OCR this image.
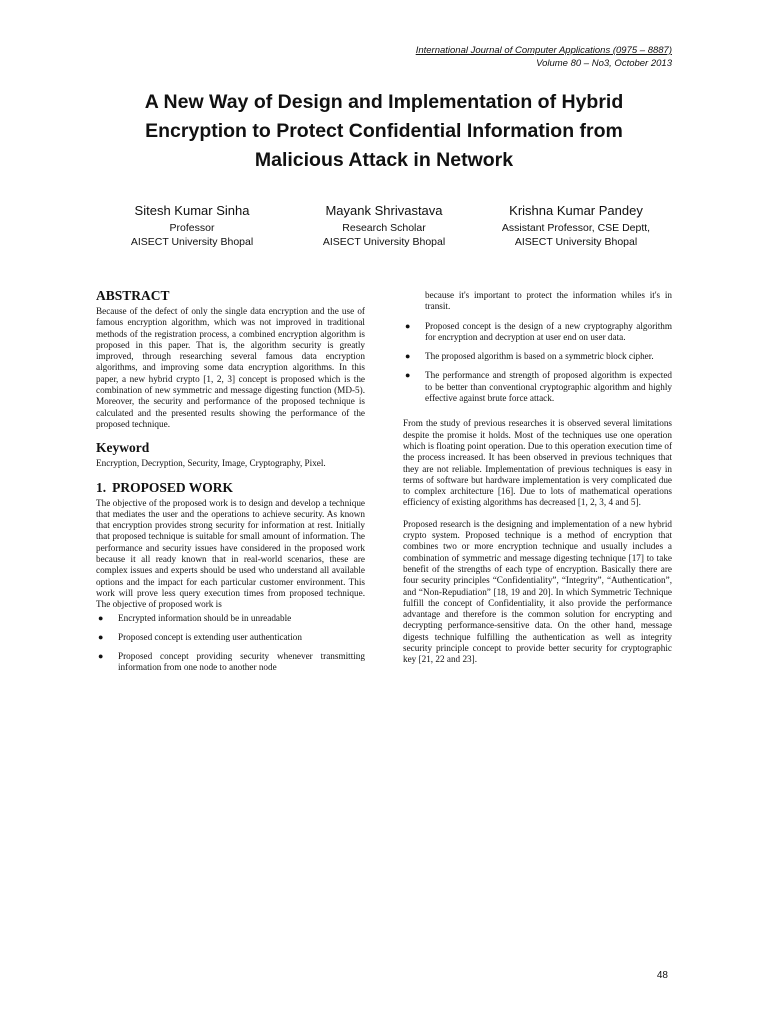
International Journal of Computer Applications (0975 – 8887)
Volume 80 – No3, October 2013
A New Way of Design and Implementation of Hybrid
Encryption to Protect Confidential Information from
Malicious Attack in Network
Sitesh Kumar Sinha
Professor
AISECT University Bhopal
Mayank Shrivastava
Research Scholar
AISECT University Bhopal
Krishna Kumar Pandey
Assistant Professor, CSE Deptt,
AISECT University Bhopal
ABSTRACT

Because of the defect of only the single data encryption and the use of famous encryption algorithm, which was not improved in traditional methods of the registration process, a combined encryption algorithm is proposed in this paper. That is, the algorithm security is greatly improved, through researching several famous data encryption algorithms, and improving some data encryption algorithms. In this paper, a new hybrid crypto [1, 2, 3] concept is proposed which is the combination of new symmetric and message digesting function (MD-5). Moreover, the security and performance of the proposed technique is calculated and the presented results showing the performance of the proposed technique.

Keyword

Encryption, Decryption, Security, Image, Cryptography, Pixel.

1. PROPOSED WORK

The objective of the proposed work is to design and develop a technique that mediates the user and the operations to achieve security. As known that encryption provides strong security for information at rest. Initially that proposed technique is suitable for small amount of information. The performance and security issues have considered in the proposed work because it all ready known that in real-world scenarios, these are complex issues and experts should be used who understand all available options and the impact for each particular customer environment. This work will prove less query execution times from proposed technique. The objective of proposed work is

● Encrypted information should be in unreadable
● Proposed concept is extending user authentication
● Proposed concept providing security whenever transmitting information from one node to another node

because it's important to protect the information whiles it's in transit.

● Proposed concept is the design of a new cryptography algorithm for encryption and decryption at user end on user data.
● The proposed algorithm is based on a symmetric block cipher.
● The performance and strength of proposed algorithm is expected to be better than conventional cryptographic algorithm and highly effective against brute force attack.

From the study of previous researches it is observed several limitations despite the promise it holds. Most of the techniques use one operation which is floating point operation. Due to this operation execution time of the process increased. It has been observed in previous techniques that they are not reliable. Implementation of previous techniques is easy in terms of software but hardware implementation is very complicated due to complex architecture [16]. Due to lots of mathematical operations efficiency of existing algorithms has decreased [1, 2, 3, 4 and 5].

Proposed research is the designing and implementation of a new hybrid crypto system. Proposed technique is a method of encryption that combines two or more encryption technique and usually includes a combination of symmetric and message digesting technique [17] to take benefit of the strengths of each type of encryption. Basically there are four security principles “Confidentiality”, “Integrity”, “Authentication”, and “Non-Repudiation” [18, 19 and 20]. In which Symmetric Technique fulfill the concept of Confidentiality, it also provide the performance advantage and therefore is the common solution for encrypting and decrypting performance-sensitive data. On the other hand, message digests technique fulfilling the authentication as well as integrity security principle concept to provide better security for cryptographic key [21, 22 and 23].

48
